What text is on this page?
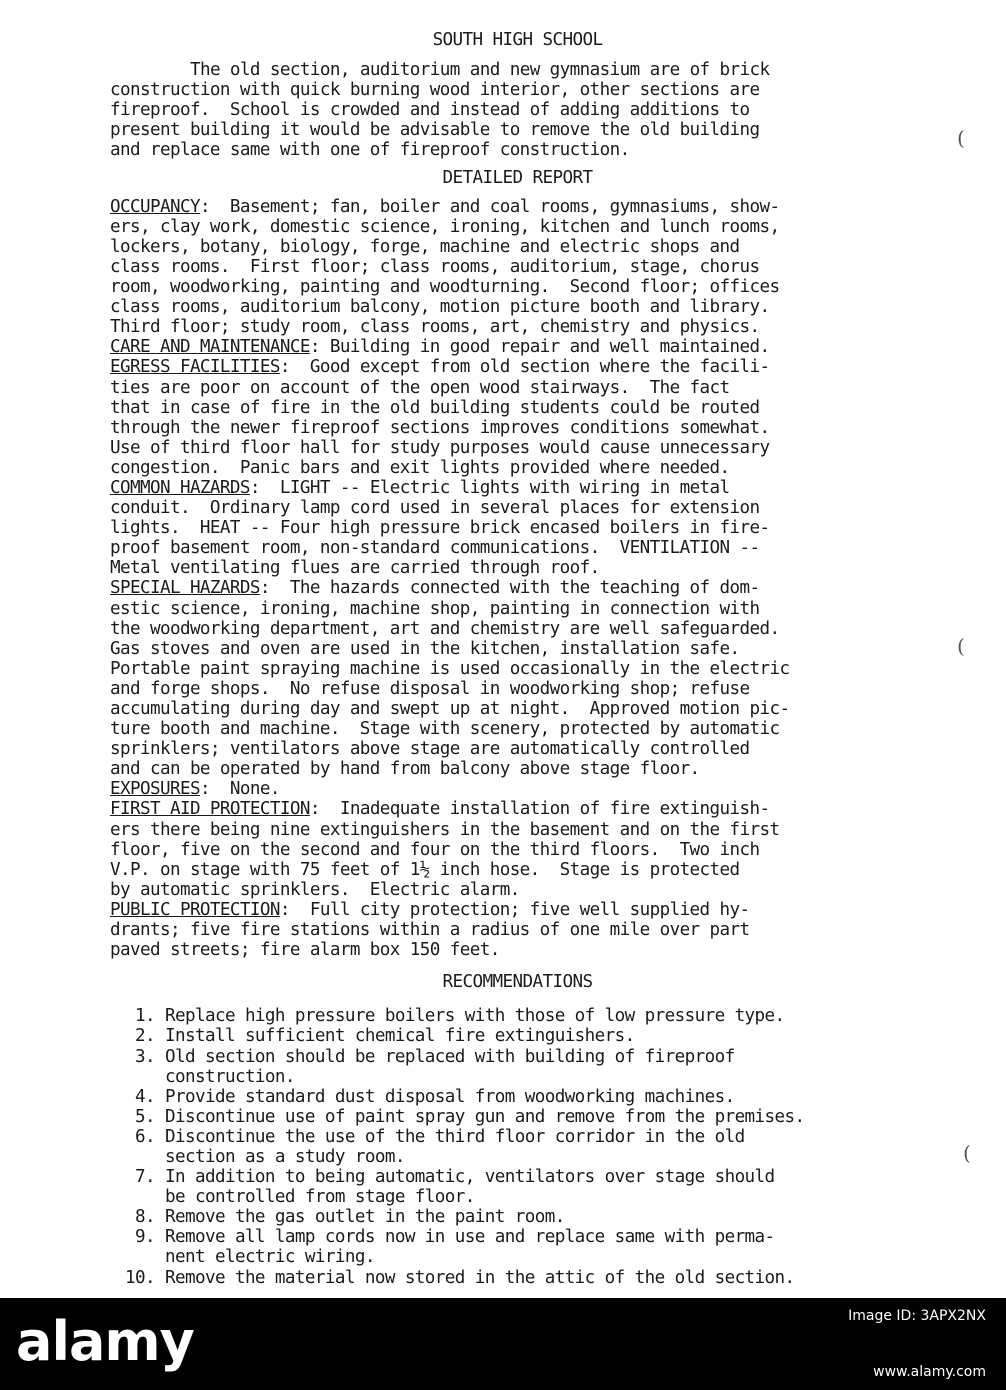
SOUTH HIGH SCHOOL

The old section, auditorium and new gymnasium are of brick
construction with quick burning wood interior, other sections are
fireproof.  School is crowded and instead of adding additions to
present building it would be advisable to remove the old building
and replace same with one of fireproof construction.

DETAILED REPORT

OCCUPANCY:  Basement; fan, boiler and coal rooms, gymnasiums, show-
ers, clay work, domestic science, ironing, kitchen and lunch rooms,
lockers, botany, biology, forge, machine and electric shops and
class rooms.  First floor; class rooms, auditorium, stage, chorus
room, woodworking, painting and woodturning.  Second floor; offices
class rooms, auditorium balcony, motion picture booth and library.
Third floor; study room, class rooms, art, chemistry and physics.

CARE AND MAINTENANCE: Building in good repair and well maintained.

EGRESS FACILITIES:  Good except from old section where the facili-
ties are poor on account of the open wood stairways.  The fact
that in case of fire in the old building students could be routed
through the newer fireproof sections improves conditions somewhat.
Use of third floor hall for study purposes would cause unnecessary
congestion.  Panic bars and exit lights provided where needed.

COMMON HAZARDS:  LIGHT -- Electric lights with wiring in metal
conduit.  Ordinary lamp cord used in several places for extension
lights.  HEAT -- Four high pressure brick encased boilers in fire-
proof basement room, non-standard communications.  VENTILATION --
Metal ventilating flues are carried through roof.

SPECIAL HAZARDS:  The hazards connected with the teaching of dom-
estic science, ironing, machine shop, painting in connection with
the woodworking department, art and chemistry are well safeguarded.
Gas stoves and oven are used in the kitchen, installation safe.
Portable paint spraying machine is used occasionally in the electric
and forge shops.  No refuse disposal in woodworking shop; refuse
accumulating during day and swept up at night.  Approved motion pic-
ture booth and machine.  Stage with scenery, protected by automatic
sprinklers; ventilators above stage are automatically controlled
and can be operated by hand from balcony above stage floor.

EXPOSURES:  None.

FIRST AID PROTECTION:  Inadequate installation of fire extinguish-
ers there being nine extinguishers in the basement and on the first
floor, five on the second and four on the third floors.  Two inch
V.P. on stage with 75 feet of 1½ inch hose.  Stage is protected
by automatic sprinklers.  Electric alarm.

PUBLIC PROTECTION:  Full city protection; five well supplied hy-
drants; five fire stations within a radius of one mile over part
paved streets; fire alarm box 150 feet.

RECOMMENDATIONS
1.
Replace high pressure boilers with those of low pressure type.
2.
Install sufficient chemical fire extinguishers.
3.
Old section should be replaced with building of fireproof
construction.
4.
Provide standard dust disposal from woodworking machines.
5.
Discontinue use of paint spray gun and remove from the premises.
6.
Discontinue the use of the third floor corridor in the old
section as a study room.
7.
In addition to being automatic, ventilators over stage should
be controlled from stage floor.
8.
Remove the gas outlet in the paint room.
9.
Remove all lamp cords now in use and replace same with perma-
nent electric wiring.
10.
Remove the material now stored in the attic of the old section.
(
(
(
alamy	Image ID: 3APX2NX
www.alamy.com
